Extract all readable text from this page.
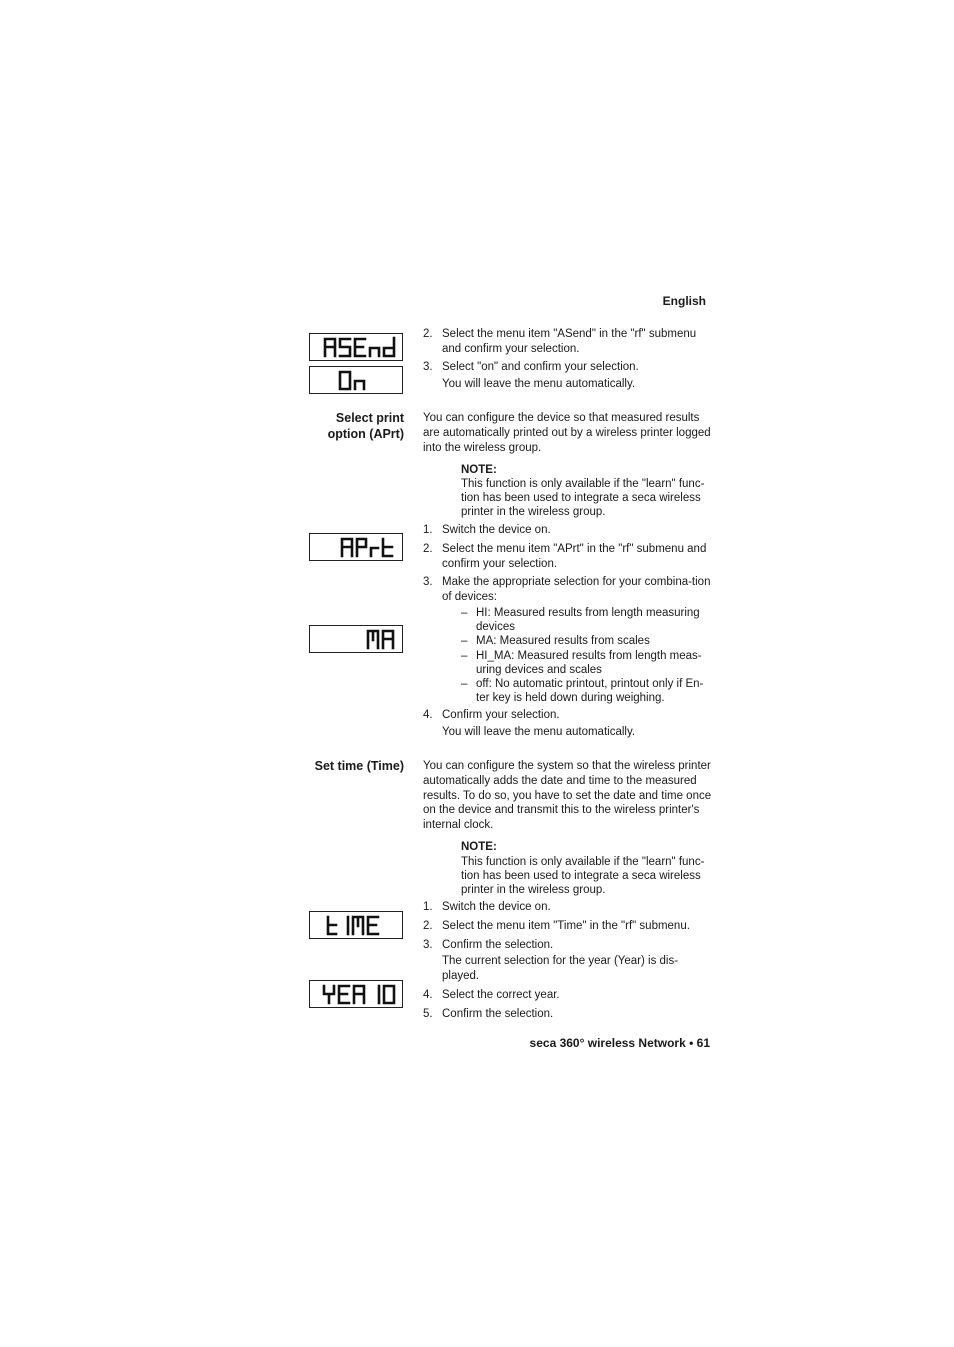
English
seca 360° wireless Network • 61
2. Select the menu item "ASend" in the "rf" submenu and confirm your selection.
3. Select "on" and confirm your selection.
You will leave the menu automatically.
Select print
option (APrt)
You can configure the device so that measured results are automatically printed out by a wireless printer logged into the wireless group.
NOTE:
This function is only available if the "learn" func-tion has been used to integrate a seca wireless printer in the wireless group.
1. Switch the device on.
2. Select the menu item "APrt" in the "rf" submenu and confirm your selection.
3. Make the appropriate selection for your combina-tion of devices:
– HI: Measured results from length measuring devices
– MA: Measured results from scales
– HI_MA: Measured results from length meas-uring devices and scales
– off: No automatic printout, printout only if En-ter key is held down during weighing.
4. Confirm your selection.
You will leave the menu automatically.
Set time (Time) You can configure the system so that the wireless printer automatically adds the date and time to the measured results. To do so, you have to set the date and time once on the device and transmit this to the wireless printer's internal clock.
NOTE:
This function is only available if the "learn" func-tion has been used to integrate a seca wireless printer in the wireless group.
1. Switch the device on.
2. Select the menu item "Time" in the "rf" submenu.
3. Confirm the selection.
The current selection for the year (Year) is dis-played.
4. Select the correct year.
5. Confirm the selection.
